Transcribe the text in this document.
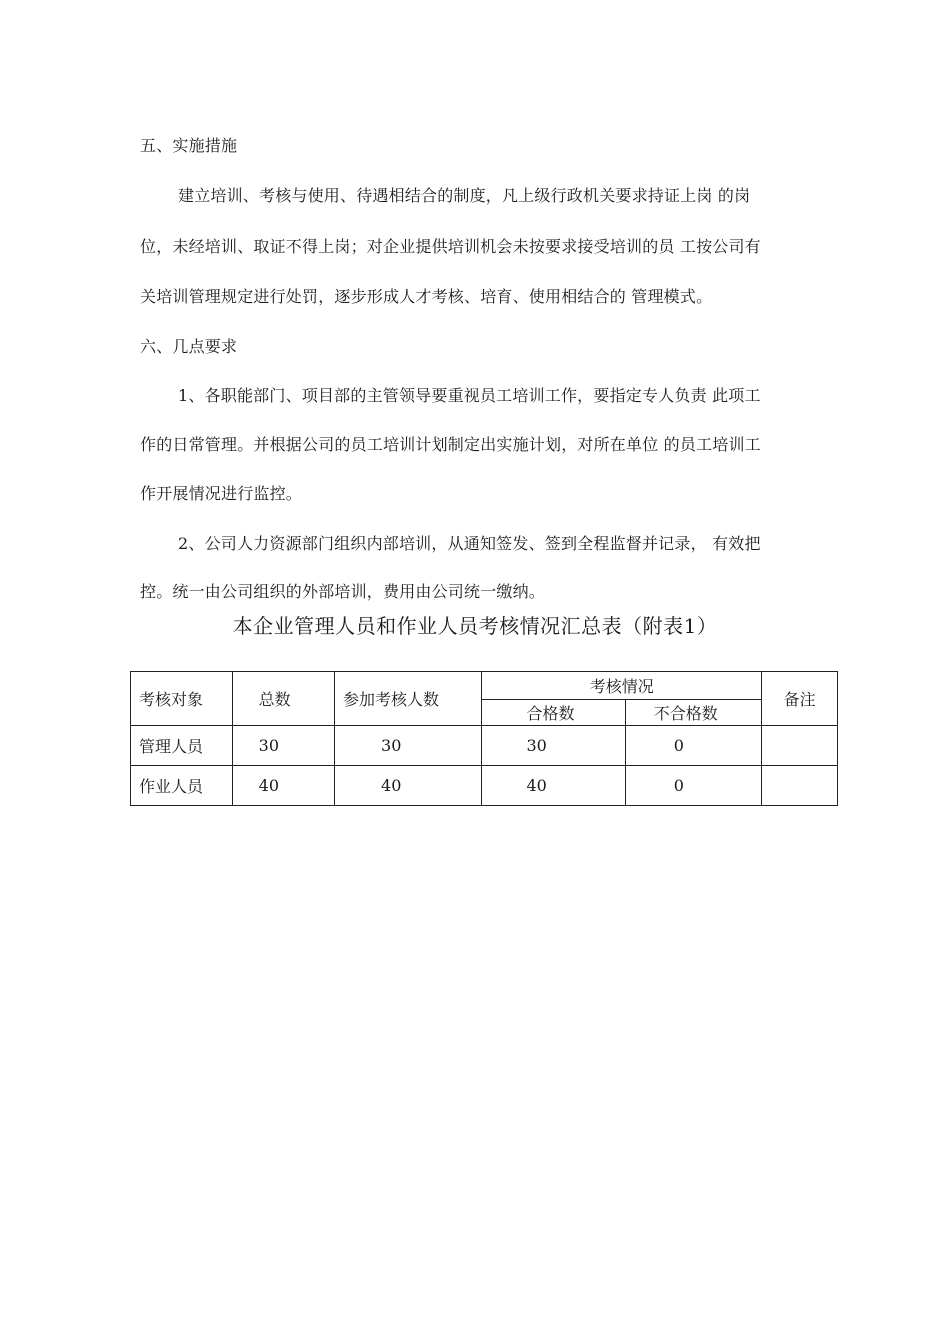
五、实施措施
建立培训、考核与使用、待遇相结合的制度，凡上级行政机关要求持证上岗 的岗
位，未经培训、取证不得上岗；对企业提供培训机会未按要求接受培训的员 工按公司有
关培训管理规定进行处罚，逐步形成人才考核、培育、使用相结合的 管理模式。
六、几点要求
1、各职能部门、项目部的主管领导要重视员工培训工作，要指定专人负责 此项工
作的日常管理。并根据公司的员工培训计划制定出实施计划，对所在单位 的员工培训工
作开展情况进行监控。
2、公司人力资源部门组织内部培训，从通知签发、签到全程监督并记录， 有效把
控。统一由公司组织的外部培训，费用由公司统一缴纳。
本企业管理人员和作业人员考核情况汇总表（附表1）
考核对象	总数	参加考核人数	考核情况		备注
			合格数	不合格数	
管理人员	30	30	30	0	
作业人员	40	40	40	0	
